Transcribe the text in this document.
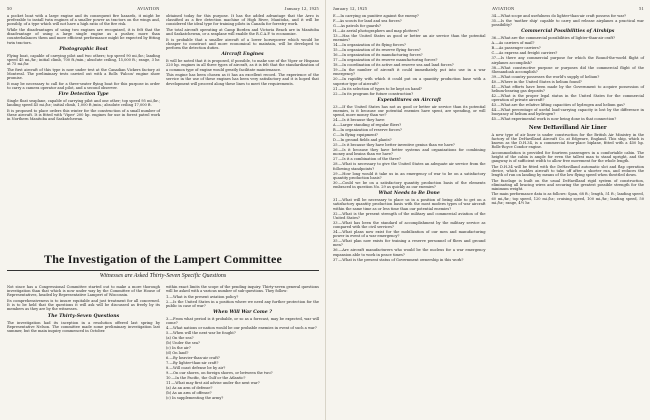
50	AVIATION	January 12, 1925

a pocket boat with a large engine and its consequent fire hazards, it might be preferable to install twin engines of a smaller power as tractors on the wings and, possibly, of a type which will not have a high ratio of the fire risk.

While the disadvantages of using two engines are recognized, it is felt that the disadvantage of using a large single engine as a pusher, more than counterbalances them and more efficient performance might be expected by fitting twin tractors.

Photographic Boat

Flying boat, capable of carrying pilot and two others; top speed 90 mi./hr.; landing speed 45 mi./hr.; initial climb, 700 ft./min.; absolute ceiling, 15,000 ft.; range, 3 hr. at 75 mi./hr.

The first aircraft of this type is now under test at the Canadian Vickers factory at Montreal. The preliminary tests carried out with a Rolls 'Falcon' engine show promise.

It may be necessary to call for a three-seater flying boat for this purpose in order to carry a camera operator and pilot, and a second observer.

Fire Detection Type

Single float seaplane, capable of carrying pilot and one other; top speed 95 mi./hr.; landing speed 45 mi./hr.; initial climb, 1,000 ft./min.; absolute ceiling 17,000 ft.

It is proposed to place orders this winter for the construction of a small number of these aircraft. It is fitted with 'Viper' 200 hp. engines for use in forest patrol work in Northern Manitoba and Saskatchewan.

obtained today for this purpose. It has the added advantage that the Avro is classified as a fire detection machine of High River, Manitoba, and it will be considered the ideal type for training pilots in Canada for forestry work.

The total aircraft operating at Camp Borden and Victoria Beach are in Manitoba and Saskatchewan, or a seaplane will enable the R.C.A.F. to economize.

It is probable that a smaller aircraft of a lower horsepower which would be cheaper to construct and more economical to maintain, will be developed to perform the detection duties.

Aircraft Engines

It will be noted that it is proposed, if possible, to make use of the Viper or Hispano 220 hp. engines in all three types of aircraft, as it is felt that the standardization of a common type of engine would greatly facilitate maintenance.

This engine has been chosen as it has an excellent record. The experience of the service in the use of these engines has been very satisfactory and it is hoped that development will proceed along these lines to meet the requirements.

The Investigation of the Lampert Committee
Witnesses are Asked Thirty-Seven Specific Questions

Not since has a Congressional Committee started out to make a more thorough investigation than that which is now under way by the Committee of the House of Representatives, headed by Representative Lampert of Wisconsin.

Its comprehensiveness is to insure equitable and just treatment for all concerned. It is to be held that the questions it will ask will be discussed as freely by its members as they are by the witnesses.

The Thirty-Seven Questions

The investigation had its inception in a resolution offered last spring by Representative Nelson. The committee made some preliminary investigation last summer, but the main inquiry commenced in October.

within exact limits the scope of the pending inquiry. Thirty-seven general questions will be asked with a various number of sub-questions. They follow:

1.—What is the present aviation policy?

2.—Is the United States in a position where we need any further protection for the public in case of war?

When Will War Come ?

3.—From what period is it probable, or so as a forecast, may be expected, war will come?

4.—What nations or nation would be our probable enemies in event of such a war?

5.—When will the next war be fought?

(a) On the sea?

(b) Under the sea?

(c) In the air?

(d) On land?

6.—By heavier-than-air craft?

7.—By lighter-than-air craft?

8.—Will coast defense be by air?

9.—On our shores, on foreign shores, or between the two?

10.—In the Pacific, the Gulf or the Atlantic?

11.—What may first aid advise under the next war?

(a) As an arm of defense?

(b) As an arm of offense?

(c) In supplementing the army?

January 12, 1925	AVIATION	51

E.—In carrying on punitive against the enemy?

F.—As scouts for land and sea forces?

G.—As patrols for guards?

H.—As aerial photographers and map plotters?

13.—Has the United States as good or better an air service than the potential enemies?

14.—In organization of its flying forces?

15.—In organization of its reserve flying forces?

16.—In organization of its manufacturing forces?

17.—In organization of its reserve manufacturing forces?

18.—In coordination of its active and reserve sea and land forces?

19.—In the number of aircraft it could immediately put into use in a war emergency?

20.—In rapidity with which it could put on a quantity production base with a superior type of aircraft?

21.—In its selection of types to be kept on hand?

22.—In its program for future construction?

Expenditures on Aircraft

23.—If the United States has not as good or better air service than its potential enemies, is it because our potential enemies have spent, are spending, or will spend, more money than we?

24.—Is it because they have:

A.—Larger standing of regular fliers?

B.—In organization of reserve forces?

C.—In flying equipment?

D.—In ground fields and plants?

25.—Is it because they have better inventive genius than we have?

26.—Is it because they have better systems and organizations for combining money and brains than we have?

27.—Is it a combination of the three?

28.—What is necessary to give the United States an adequate air service from the following standpoints?

29.—How long would it take us in an emergency of war to be on a satisfactory quantity production basis?

30.—Could we be on a satisfactory quantity production basis of the elements embraced in question No. 29 as quickly as our enemies?

What Needs to Be Done

31.—What will be necessary to place us in a position of being able to get on a satisfactory quantity production basis with the most modern types of war aircraft within the same time as or less time than our potential enemies?

32.—What is the present strength of the military and commercial aviation of the United States?

33.—What has been the standard of accomplishment by the military service as compared with the civil services?

34.—What plans now exist for the mobilization of our men and manufacturing power in event of a war emergency?

35.—What plan now exists for training a reserve personnel of fliers and ground men?

36.—Are aircraft manufacturers who would be the nucleus for a war emergency expansion able to work in peace times?

37.—What is the present status of Government ownership in this work?

34.—What scope and usefulness do lighter-than-air craft possess for war?

35.—Is the 'mother ship' capable to carry and release airplanes a practical war possibility?

Commercial Possibilities of Airships

36.—What are the commercial possibilities of lighter-than-air craft?

A.—As carriers of mail?

B.—As passenger carriers?

C.—As express and freight carriers?

37.—Is there any commercial purpose for which the Round-the-world flight of airplanes accomplish?

38.—What constructive purpose or purposes did the commercial flight of the Shenandoah accomplish?

39.—What country possesses the world's supply of helium?

40.—Where in the United States is helium found?

41.—What efforts have been made by the Government to acquire possession of helium-bearing gas deposits?

42.—What is the proper legal status in the United States for the commercial operation of private aircraft?

43.—What are the relative lifting capacities of hydrogen and helium gas?

44.—What percentage of useful load-carrying capacity is lost by the difference in buoyancy of helium and hydrogen?

45.—What experimental work is now being done in that connection?

New DeHavilland Air Liner

A new type of air liner is under construction for the British Air Ministry in the factory of the DeHavilland Aircraft Co. at Edgware, England. This ship, which is known as the D.H.34, is a commercial four-place biplane, fitted with a 450 hp. Rolls-Royce Condor engine.

Accommodation is provided for fourteen passengers in a comfortable cabin. The height of the cabin is ample for even the tallest man to stand upright, and the gangway is of sufficient width to allow free movement for the whole length.

The D.H.34 will be fitted with the DeHavilland automatic slot and flap operation device, which enables aircraft to take off after a shorter run, and reduces the length of run on landing by means of the low flying speed when throttled down.

The fuselage is built on the usual DeHavilland rigid system of construction, eliminating all bracing wires and securing the greatest possible strength for the minimum weight.

The main performance data is as follows: Span, 68 ft.; length, 51 ft.; landing speed, 60 mi./hr.; top speed, 120 mi./hr.; cruising speed, 100 mi./hr.; landing speed, 50 mi./hr.; range, 4½ hr.
